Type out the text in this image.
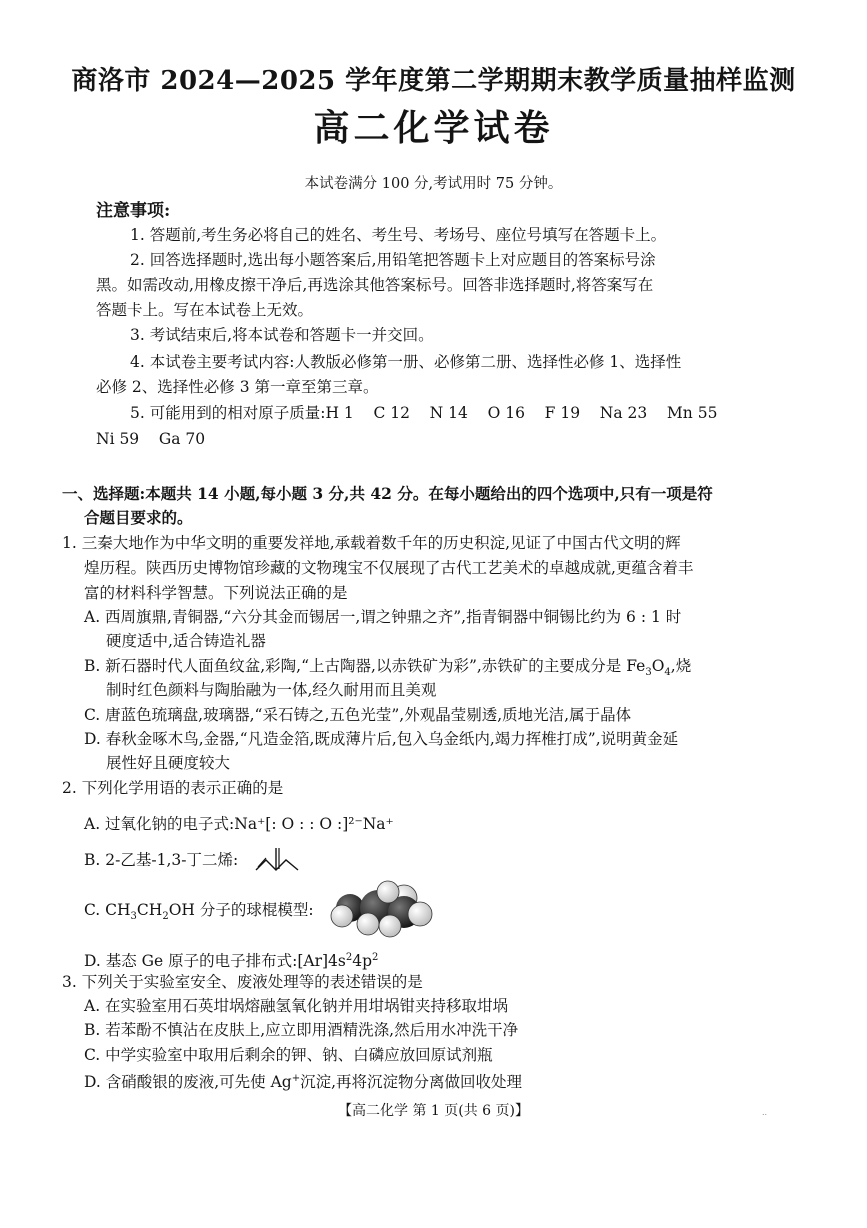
商洛市 2024—2025 学年度第二学期期末教学质量抽样监测
高二化学试卷
本试卷满分 100 分,考试用时 75 分钟。
注意事项:
1. 答题前,考生务必将自己的姓名、考生号、考场号、座位号填写在答题卡上。
2. 回答选择题时,选出每小题答案后,用铅笔把答题卡上对应题目的答案标号涂
黑。如需改动,用橡皮擦干净后,再选涂其他答案标号。回答非选择题时,将答案写在
答题卡上。写在本试卷上无效。
3. 考试结束后,将本试卷和答题卡一并交回。
4. 本试卷主要考试内容:人教版必修第一册、必修第二册、选择性必修 1、选择性
必修 2、选择性必修 3 第一章至第三章。
5. 可能用到的相对原子质量:H 1    C 12    N 14    O 16    F 19    Na 23    Mn 55
Ni 59    Ga 70
一、选择题:本题共 14 小题,每小题 3 分,共 42 分。在每小题给出的四个选项中,只有一项是符
合题目要求的。
1. 三秦大地作为中华文明的重要发祥地,承载着数千年的历史积淀,见证了中国古代文明的辉
煌历程。陕西历史博物馆珍藏的文物瑰宝不仅展现了古代工艺美术的卓越成就,更蕴含着丰
富的材料科学智慧。下列说法正确的是
A. 西周旗鼎,青铜器,“六分其金而锡居一,谓之钟鼎之齐”,指青铜器中铜锡比约为 6 : 1 时
硬度适中,适合铸造礼器
B. 新石器时代人面鱼纹盆,彩陶,“上古陶器,以赤铁矿为彩”,赤铁矿的主要成分是 $Fe_3O_4$,烧
制时红色颜料与陶胎融为一体,经久耐用而且美观
C. 唐蓝色琉璃盘,玻璃器,“采石铸之,五色光莹”,外观晶莹剔透,质地光洁,属于晶体
D. 春秋金啄木鸟,金器,“凡造金箔,既成薄片后,包入乌金纸内,竭力挥椎打成”,说明黄金延
展性好且硬度较大
2. 下列化学用语的表示正确的是
A. 过氧化钠的电子式:Na⁺[: O : : O :]²⁻Na⁺
B. 2-乙基-1,3-丁二烯:
C. $CH_3CH_2OH$ 分子的球棍模型:
D. 基态 Ge 原子的电子排布式$:[Ar]4s^24p^2$
3. 下列关于实验室安全、废液处理等的表述错误的是
A. 在实验室用石英坩埚熔融氢氧化钠并用坩埚钳夹持移取坩埚
B. 若苯酚不慎沾在皮肤上,应立即用酒精洗涤,然后用水冲洗干净
C. 中学实验室中取用后剩余的钾、钠、白磷应放回原试剂瓶
D. 含硝酸银的废液,可先使 Ag+沉淀,再将沉淀物分离做回收处理
【高二化学 第 1 页(共 6 页)】	..
